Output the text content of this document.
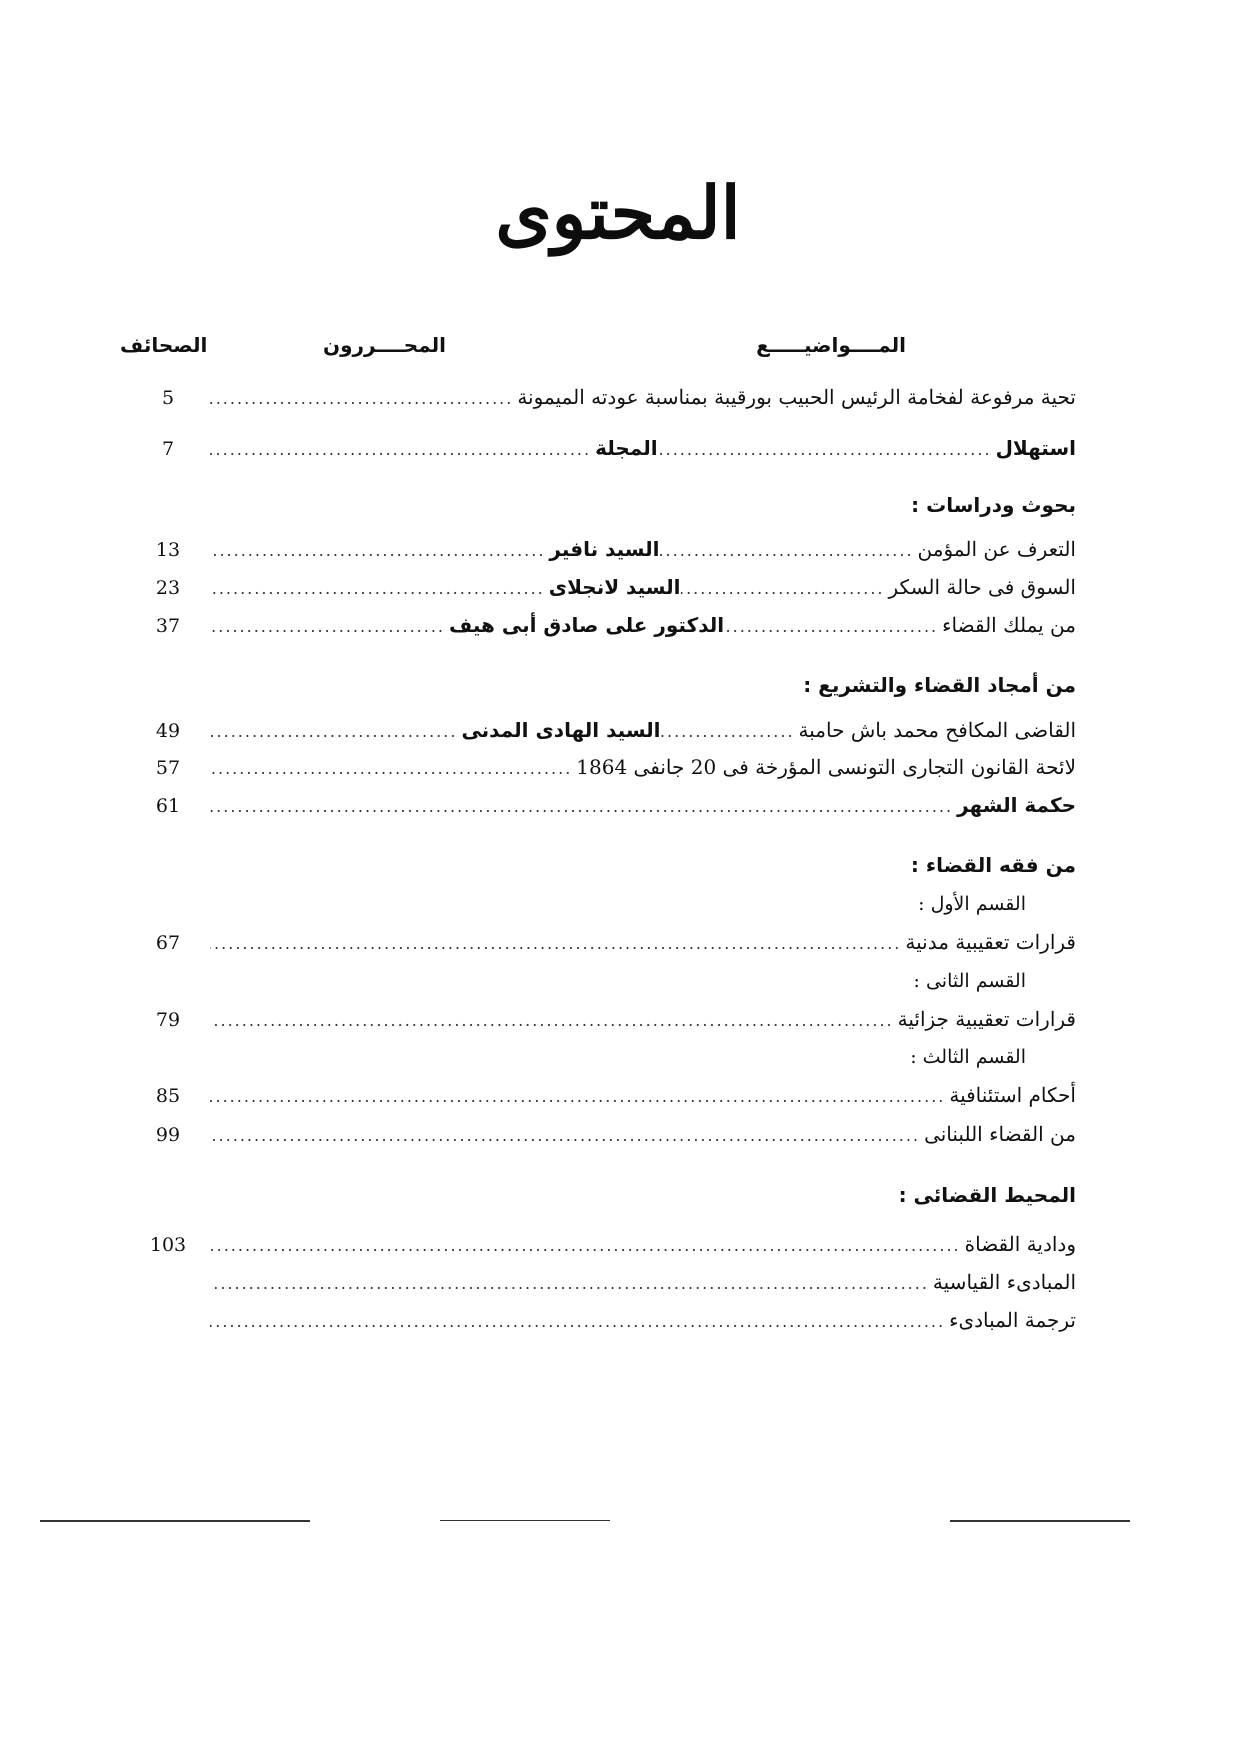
المحتوى
المــــواضيـــــع
المحــــررون
الصحائف
تحية مرفوعة لفخامة الرئيس الحبيب بورقيبة بمناسبة عودته الميمونة
.....
5
استهلال
.....
المجلة
.....
7
بحوث ودراسات :
التعرف عن المؤمن
.....
السيد نافير
.....
13
السوق فى حالة السكر
.....
السيد لانجلاى
.....
23
من يملك القضاء
.....
الدكتور على صادق أبى هيف
.....
37
من أمجاد القضاء والتشريع :
القاضى المكافح محمد باش حامبة
.....
السيد الهادى المدنى
.....
49
لائحة القانون التجارى التونسى المؤرخة فى 20 جانفى 1864
.....
57
حكمة الشهر
.....
61
من فقه القضاء :
القسم الأول :
قرارات تعقيبية مدنية
.....
67
القسم الثانى :
قرارات تعقيبية جزائية
.....
79
القسم الثالث :
أحكام استئنافية
.....
85
من القضاء اللبنانى
.....
99
المحيط القضائى :
ودادية القضاة
.....
103
المبادىء القياسية
.....
ترجمة المبادىء
.....
